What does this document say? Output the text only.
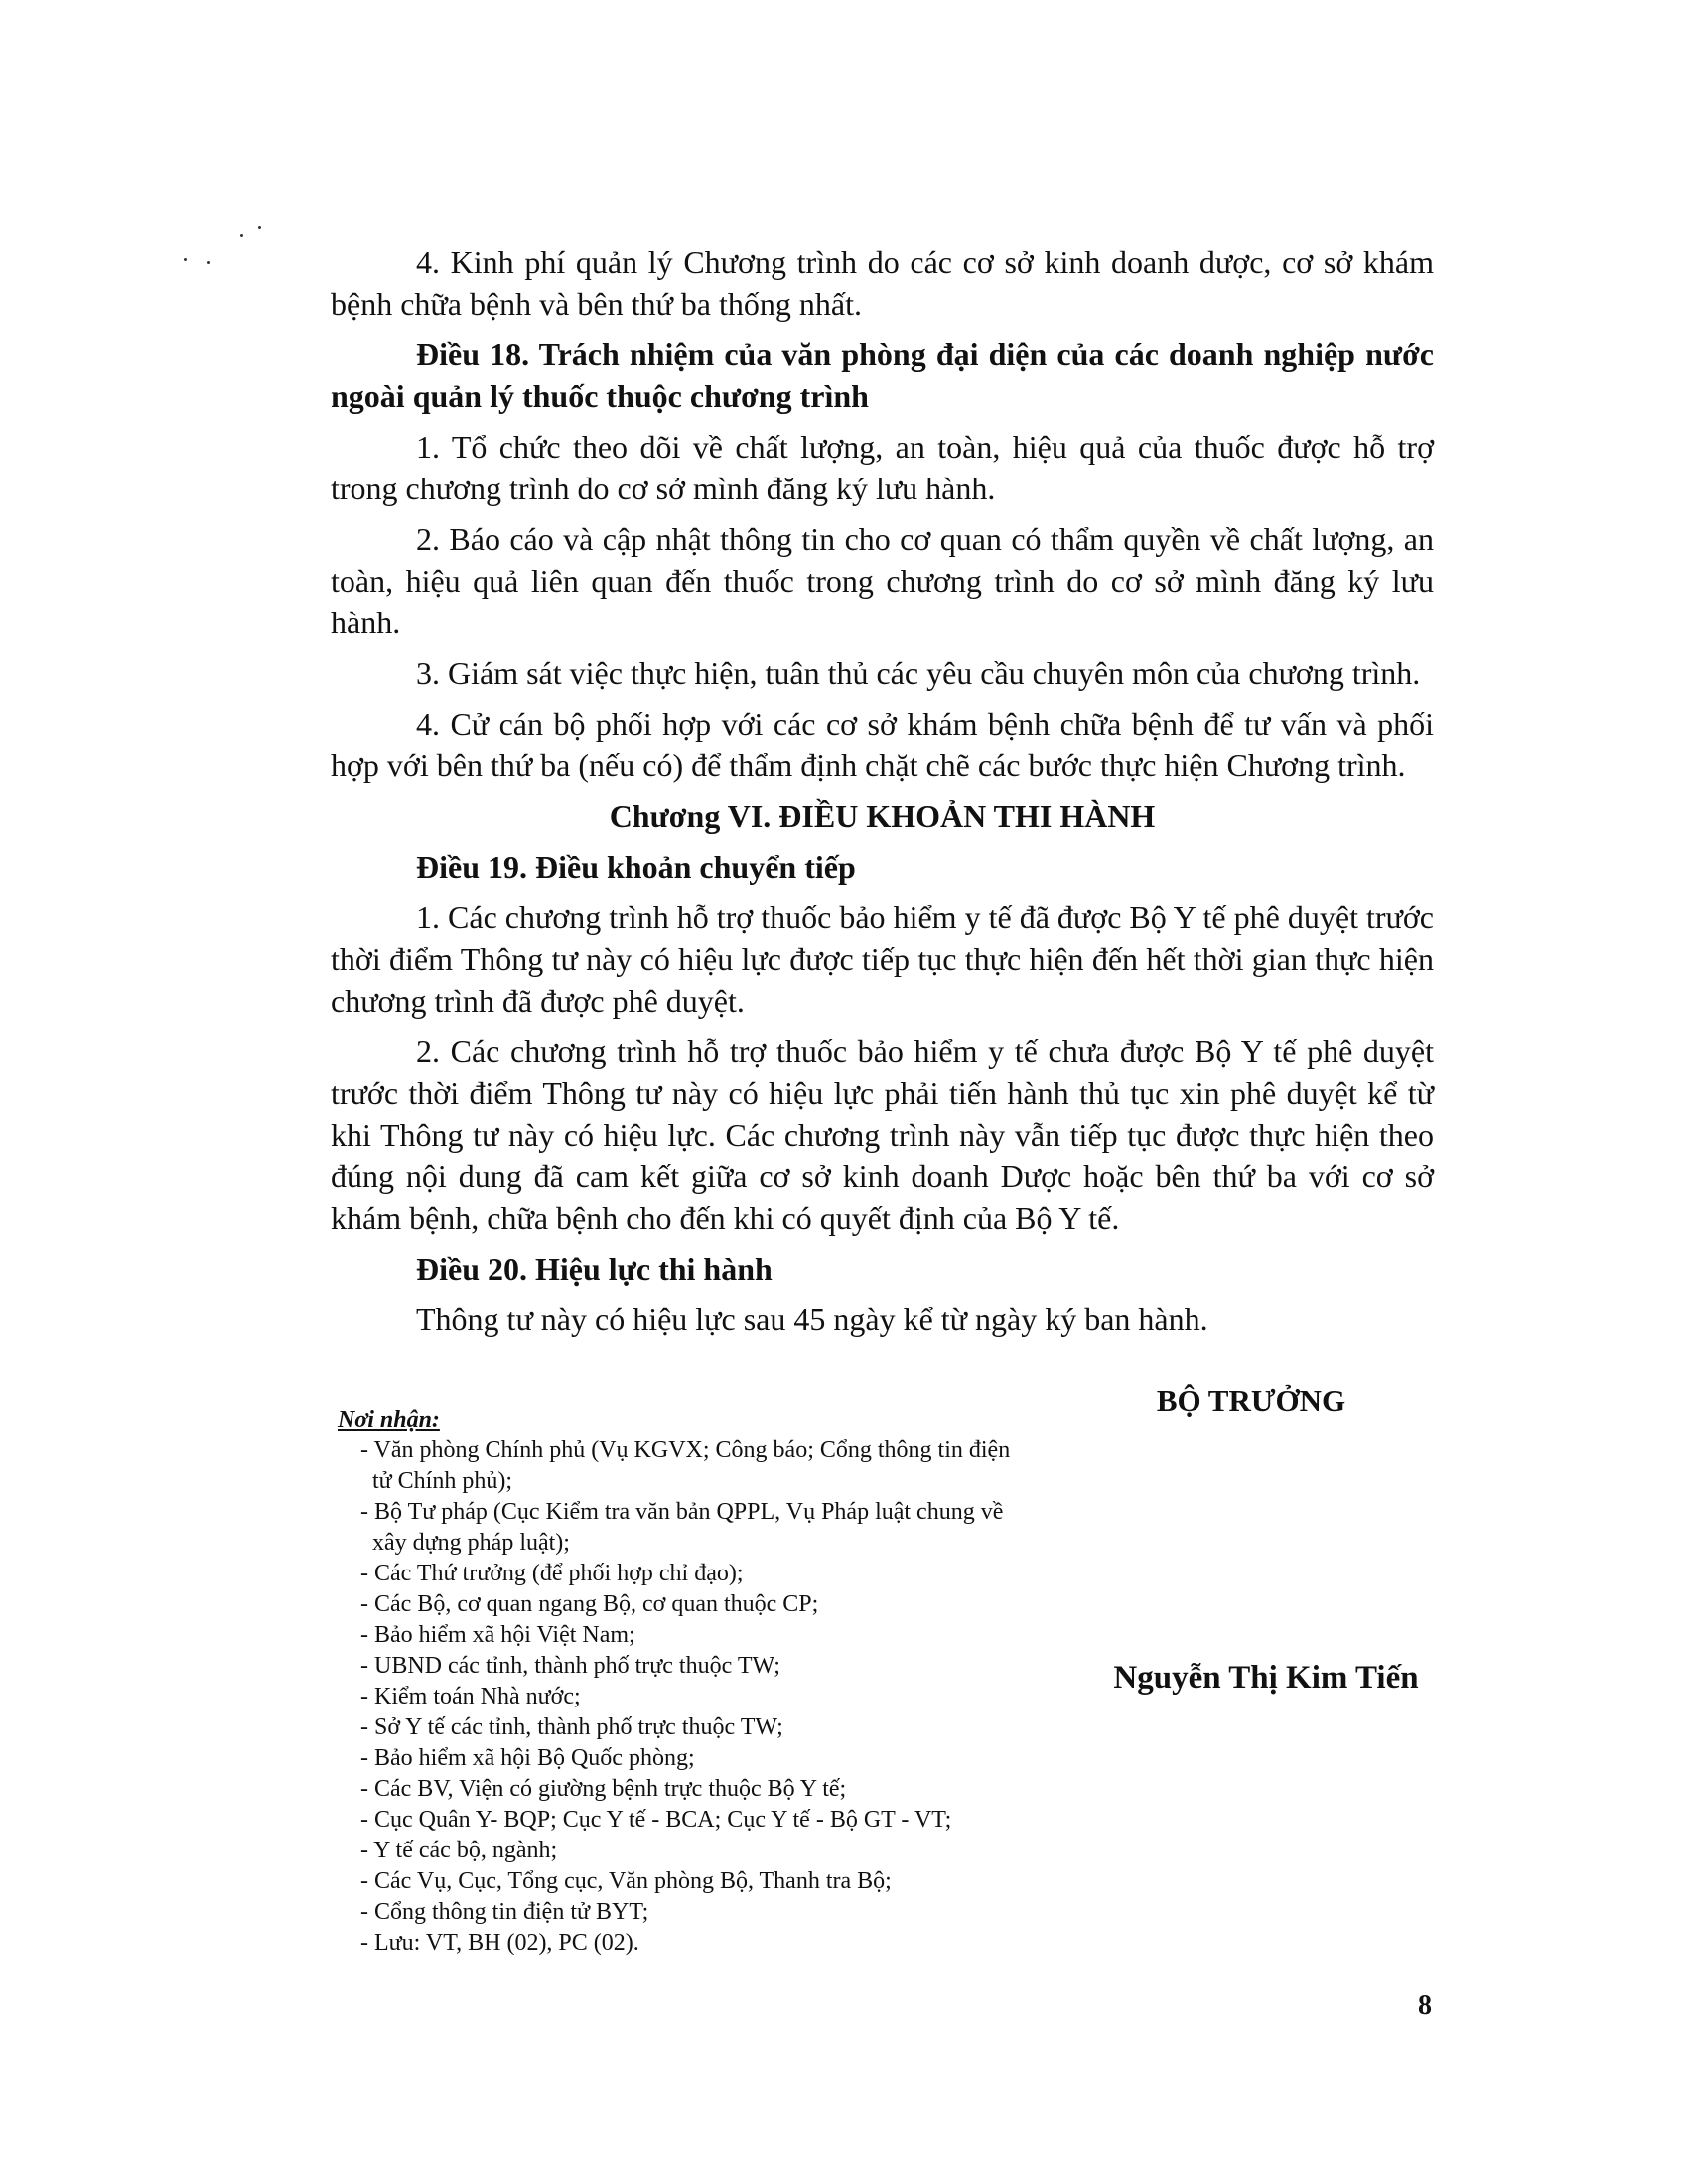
4. Kinh phí quản lý Chương trình do các cơ sở kinh doanh dược, cơ sở khám bệnh chữa bệnh và bên thứ ba thống nhất.

Điều 18. Trách nhiệm của văn phòng đại diện của các doanh nghiệp nước ngoài quản lý thuốc thuộc chương trình

1. Tổ chức theo dõi về chất lượng, an toàn, hiệu quả của thuốc được hỗ trợ trong chương trình do cơ sở mình đăng ký lưu hành.

2. Báo cáo và cập nhật thông tin cho cơ quan có thẩm quyền về chất lượng, an toàn, hiệu quả liên quan đến thuốc trong chương trình do cơ sở mình đăng ký lưu hành.

3. Giám sát việc thực hiện, tuân thủ các yêu cầu chuyên môn của chương trình.

4. Cử cán bộ phối hợp với các cơ sở khám bệnh chữa bệnh để tư vấn và phối hợp với bên thứ ba (nếu có) để thẩm định chặt chẽ các bước thực hiện Chương trình.

Chương VI. ĐIỀU KHOẢN THI HÀNH

Điều 19. Điều khoản chuyển tiếp

1. Các chương trình hỗ trợ thuốc bảo hiểm y tế đã được Bộ Y tế phê duyệt trước thời điểm Thông tư này có hiệu lực được tiếp tục thực hiện đến hết thời gian thực hiện chương trình đã được phê duyệt.

2. Các chương trình hỗ trợ thuốc bảo hiểm y tế chưa được Bộ Y tế phê duyệt trước thời điểm Thông tư này có hiệu lực phải tiến hành thủ tục xin phê duyệt kể từ khi Thông tư này có hiệu lực. Các chương trình này vẫn tiếp tục được thực hiện theo đúng nội dung đã cam kết giữa cơ sở kinh doanh Dược hoặc bên thứ ba với cơ sở khám bệnh, chữa bệnh cho đến khi có quyết định của Bộ Y tế.

Điều 20. Hiệu lực thi hành

Thông tư này có hiệu lực sau 45 ngày kể từ ngày ký ban hành.

Nơi nhận:
- Văn phòng Chính phủ (Vụ KGVX; Công báo; Cổng thông tin điện tử Chính phủ);
- Bộ Tư pháp (Cục Kiểm tra văn bản QPPL, Vụ Pháp luật chung về xây dựng pháp luật);
- Các Thứ trưởng (để phối hợp chỉ đạo);
- Các Bộ, cơ quan ngang Bộ, cơ quan thuộc CP;
- Bảo hiểm xã hội Việt Nam;
- UBND các tỉnh, thành phố trực thuộc TW;
- Kiểm toán Nhà nước;
- Sở Y tế các tỉnh, thành phố trực thuộc TW;
- Bảo hiểm xã hội Bộ Quốc phòng;
- Các BV, Viện có giường bệnh trực thuộc Bộ Y tế;
- Cục Quân Y- BQP; Cục Y tế - BCA; Cục Y tế - Bộ GT - VT;
- Y tế các bộ, ngành;
- Các Vụ, Cục, Tổng cục, Văn phòng Bộ, Thanh tra Bộ;
- Cổng thông tin điện tử BYT;
- Lưu: VT, BH (02), PC (02).
BỘ TRƯỞNG
Nguyễn Thị Kim Tiến
8
